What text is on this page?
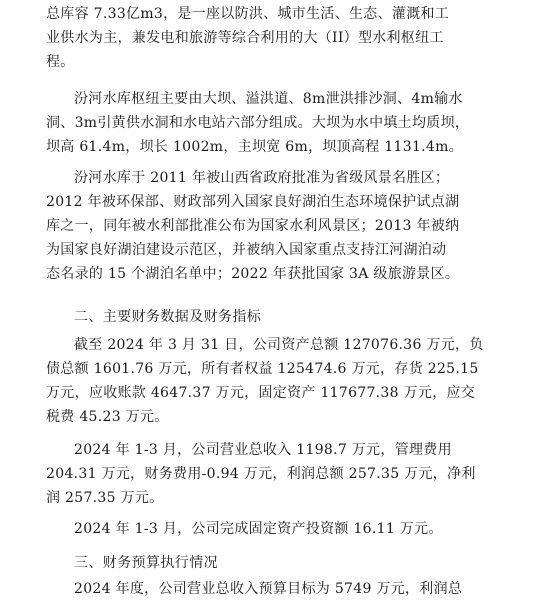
总库容 7.33亿m3，是一座以防洪、城市生活、生态、灌溉和工
业供水为主，兼发电和旅游等综合利用的大（II）型水利枢纽工
程。
汾河水库枢纽主要由大坝、溢洪道、8m泄洪排沙洞、4m输水
洞、3m引黄供水洞和水电站六部分组成。大坝为水中填土均质坝，
坝高 61.4m，坝长 1002m，主坝宽 6m，坝顶高程 1131.4m。
汾河水库于 2011 年被山西省政府批准为省级风景名胜区；
2012 年被环保部、财政部列入国家良好湖泊生态环境保护试点湖
库之一，同年被水利部批准公布为国家水利风景区；2013 年被纳
为国家良好湖泊建设示范区，并被纳入国家重点支持江河湖泊动
态名录的 15 个湖泊名单中；2022 年获批国家 3A 级旅游景区。
二、主要财务数据及财务指标
截至 2024 年 3 月 31 日，公司资产总额 127076.36 万元，负
债总额 1601.76 万元，所有者权益 125474.6 万元，存货 225.15
万元，应收账款 4647.37 万元，固定资产 117677.38 万元，应交
税费 45.23 万元。
2024 年 1-3 月，公司营业总收入 1198.7 万元，管理费用
204.31 万元，财务费用-0.94 万元，利润总额 257.35 万元，净利
润 257.35 万元。
2024 年 1-3 月，公司完成固定资产投资额 16.11 万元。
三、财务预算执行情况
2024 年度，公司营业总收入预算目标为 5749 万元，利润总
